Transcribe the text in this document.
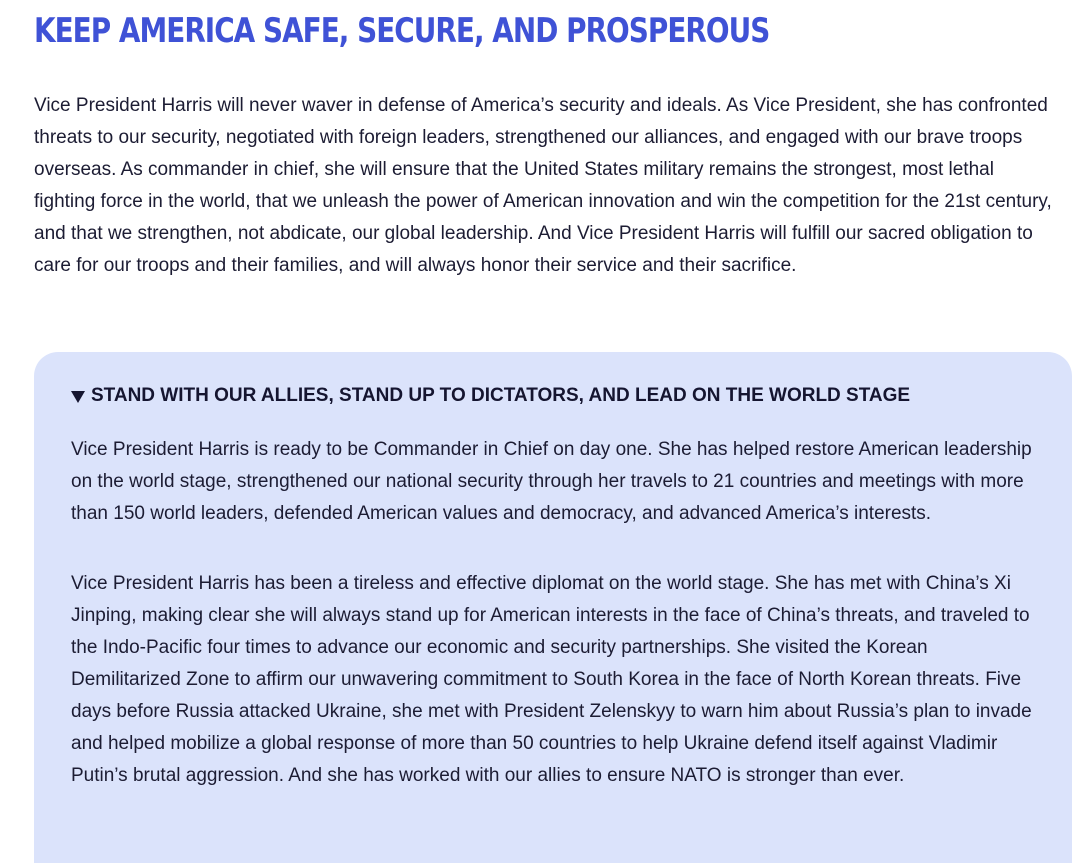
KEEP AMERICA SAFE, SECURE, AND PROSPEROUS

Vice President Harris will never waver in defense of America’s security and ideals. As Vice President, she has confronted threats to our security, negotiated with foreign leaders, strengthened our alliances, and engaged with our brave troops overseas. As commander in chief, she will ensure that the United States military remains the strongest, most lethal fighting force in the world, that we unleash the power of American innovation and win the competition for the 21st century, and that we strengthen, not abdicate, our global leadership. And Vice President Harris will fulfill our sacred obligation to care for our troops and their families, and will always honor their service and their sacrifice.

STAND WITH OUR ALLIES, STAND UP TO DICTATORS, AND LEAD ON THE WORLD STAGE

Vice President Harris is ready to be Commander in Chief on day one. She has helped restore American leadership on the world stage, strengthened our national security through her travels to 21 countries and meetings with more than 150 world leaders, defended American values and democracy, and advanced America’s interests.

Vice President Harris has been a tireless and effective diplomat on the world stage. She has met with China’s Xi Jinping, making clear she will always stand up for American interests in the face of China’s threats, and traveled to the Indo-Pacific four times to advance our economic and security partnerships. She visited the Korean Demilitarized Zone to affirm our unwavering commitment to South Korea in the face of North Korean threats. Five days before Russia attacked Ukraine, she met with President Zelenskyy to warn him about Russia’s plan to invade and helped mobilize a global response of more than 50 countries to help Ukraine defend itself against Vladimir Putin’s brutal aggression. And she has worked with our allies to ensure NATO is stronger than ever.
